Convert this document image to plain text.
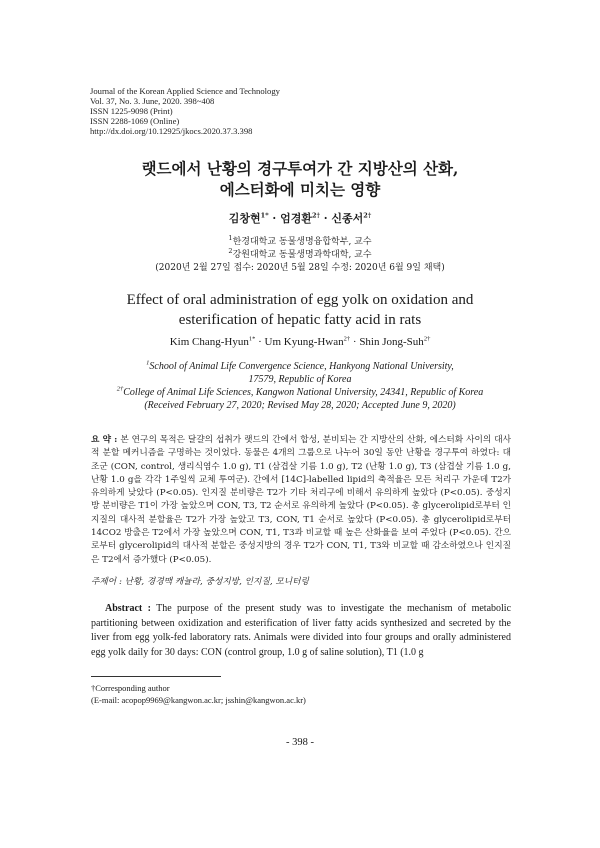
Journal of the Korean Applied Science and Technology
Vol. 37, No. 3. June, 2020. 398~408
ISSN 1225-9098 (Print)
ISSN 2288-1069 (Online)
http://dx.doi.org/10.12925/jkocs.2020.37.3.398
랫드에서 난황의 경구투여가 간 지방산의 산화,
에스터화에 미치는 영향
김창현$^{1*}$ · 엄경환$^{2\dagger}$ · 신종서$^{2\dagger}$
$^1$한경대학교 동물생명융합학부, 교수
$^2$강원대학교 동물생명과학대학, 교수
(2020년 2월 27일 접수: 2020년 5월 28일 수정: 2020년 6월 9일 채택)
Effect of oral administration of egg yolk on oxidation and
esterification of hepatic fatty acid in rats
Kim Chang-Hyun$^{1*}$ · Um Kyung-Hwan$^{2\dagger}$ · Shin Jong-Suh$^{2\dagger}$
$^1$School of Animal Life Convergence Science, Hankyong National University,
17579, Republic of Korea
$^{2\dagger}$College of Animal Life Sciences, Kangwon National University, 24341, Republic of Korea
(Received February 27, 2020; Revised May 28, 2020; Accepted June 9, 2020)
요 약 : 본 연구의 목적은 달걀의 섭취가 랫드의 간에서 합성, 분비되는 간 지방산의 산화, 에스터화 사이의 대사적 분할 메커니즘을 구명하는 것이었다. 동물은 4개의 그룹으로 나누어 30일 동안 난황을 경구투여 하였다: 대조군 (CON, control, 생리식염수 1.0 g), T1 (삼겹살 기름 1.0 g), T2 (난황 1.0 g), T3 (삼겹살 기름 1.0 g, 난황 1.0 g을 각각 1주일씩 교체 투여군). 간에서 [14C]-labelled lipid의 축적율은 모든 처리구 가운데 T2가 유의하게 낮았다 (P<0.05). 인지질 분비량은 T2가 기타 처리구에 비해서 유의하게 높았다 (P<0.05). 중성지방 분비량은 T1이 가장 높았으며 CON, T3, T2 순서로 유의하게 높았다 (P<0.05). 총 glycerolipid로부터 인지질의 대사적 분할율은 T2가 가장 높았고 T3, CON, T1 순서로 높았다 (P<0.05). 총 glycerolipid로부터 14CO2 방출은 T2에서 가장 높았으며 CON, T1, T3과 비교할 때 높은 산화율을 보여 주었다 (P<0.05). 간으로부터 glycerolipid의 대사적 분할은 중성지방의 경우 T2가 CON, T1, T3와 비교할 때 감소하였으나 인지질은 T2에서 증가했다 (P<0.05).
주제어 : 난황, 경경맥 캐뉼라, 중성지방, 인지질, 모니터링
Abstract : The purpose of the present study was to investigate the mechanism of metabolic partitioning between oxidization and esterification of liver fatty acids synthesized and secreted by the liver from egg yolk-fed laboratory rats. Animals were divided into four groups and orally administered egg yolk daily for 30 days: CON (control group, 1.0 g of saline solution), T1 (1.0 g
†Corresponding author
(E-mail: acopop9969@kangwon.ac.kr; jsshin@kangwon.ac.kr)
- 398 -
